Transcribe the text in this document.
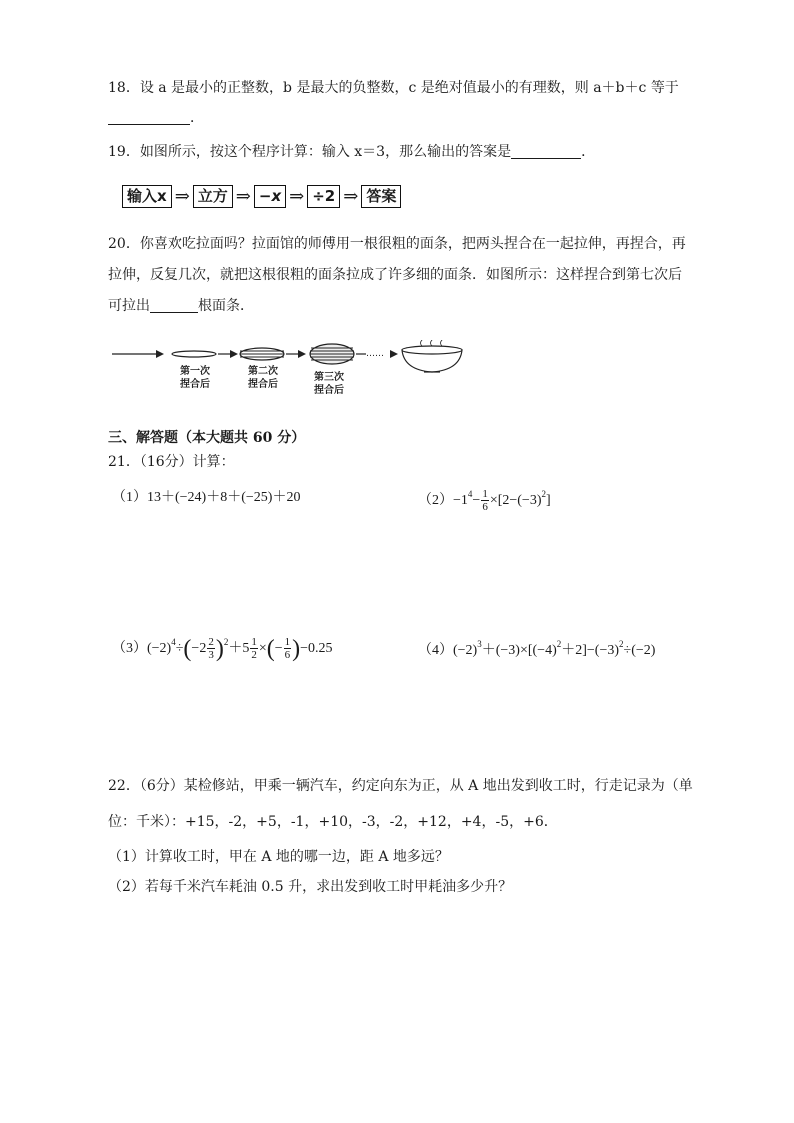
18．设 a 是最小的正整数，b 是最大的负整数，c 是绝对值最小的有理数，则 a＋b＋c 等于
．
19．如图所示，按这个程序计算：输入 x＝3，那么输出的答案是	．
输入x ⇒ 立方 ⇒ −x ⇒ ÷2 ⇒ 答案
20．你喜欢吃拉面吗？拉面馆的师傅用一根很粗的面条，把两头捏合在一起拉伸，再捏合，再
拉伸，反复几次，就把这根很粗的面条拉成了许多细的面条．如图所示：这样捏合到第七次后
可拉出	根面条．
……
第一次
捏合后
第二次
捏合后
第三次
捏合后
三、解答题（本大题共 60 分）
21．（16分）计算：
（1）13＋(−24)＋8＋(−25)＋20	$(2)-1^4- \frac{1}{6} \times[2-(-3)^2]$
$(3)(-2)^4\div(-2 \frac{2}{3} )^2+5 \frac{1}{2}$ ×(− $\frac{1}{6} )-0.25$	$(4)(-2)^3+(-3)\times[(-4)^2+2]-(-3)^2\div(-2)$
22．（6分）某检修站，甲乘一辆汽车，约定向东为正，从 A 地出发到收工时，行走记录为（单
位：千米）：+15，-2，+5，-1，+10，-3，-2，+12，+4，-5，+6．
（1）计算收工时，甲在 A 地的哪一边，距 A 地多远？
（2）若每千米汽车耗油 0.5 升，求出发到收工时甲耗油多少升？
